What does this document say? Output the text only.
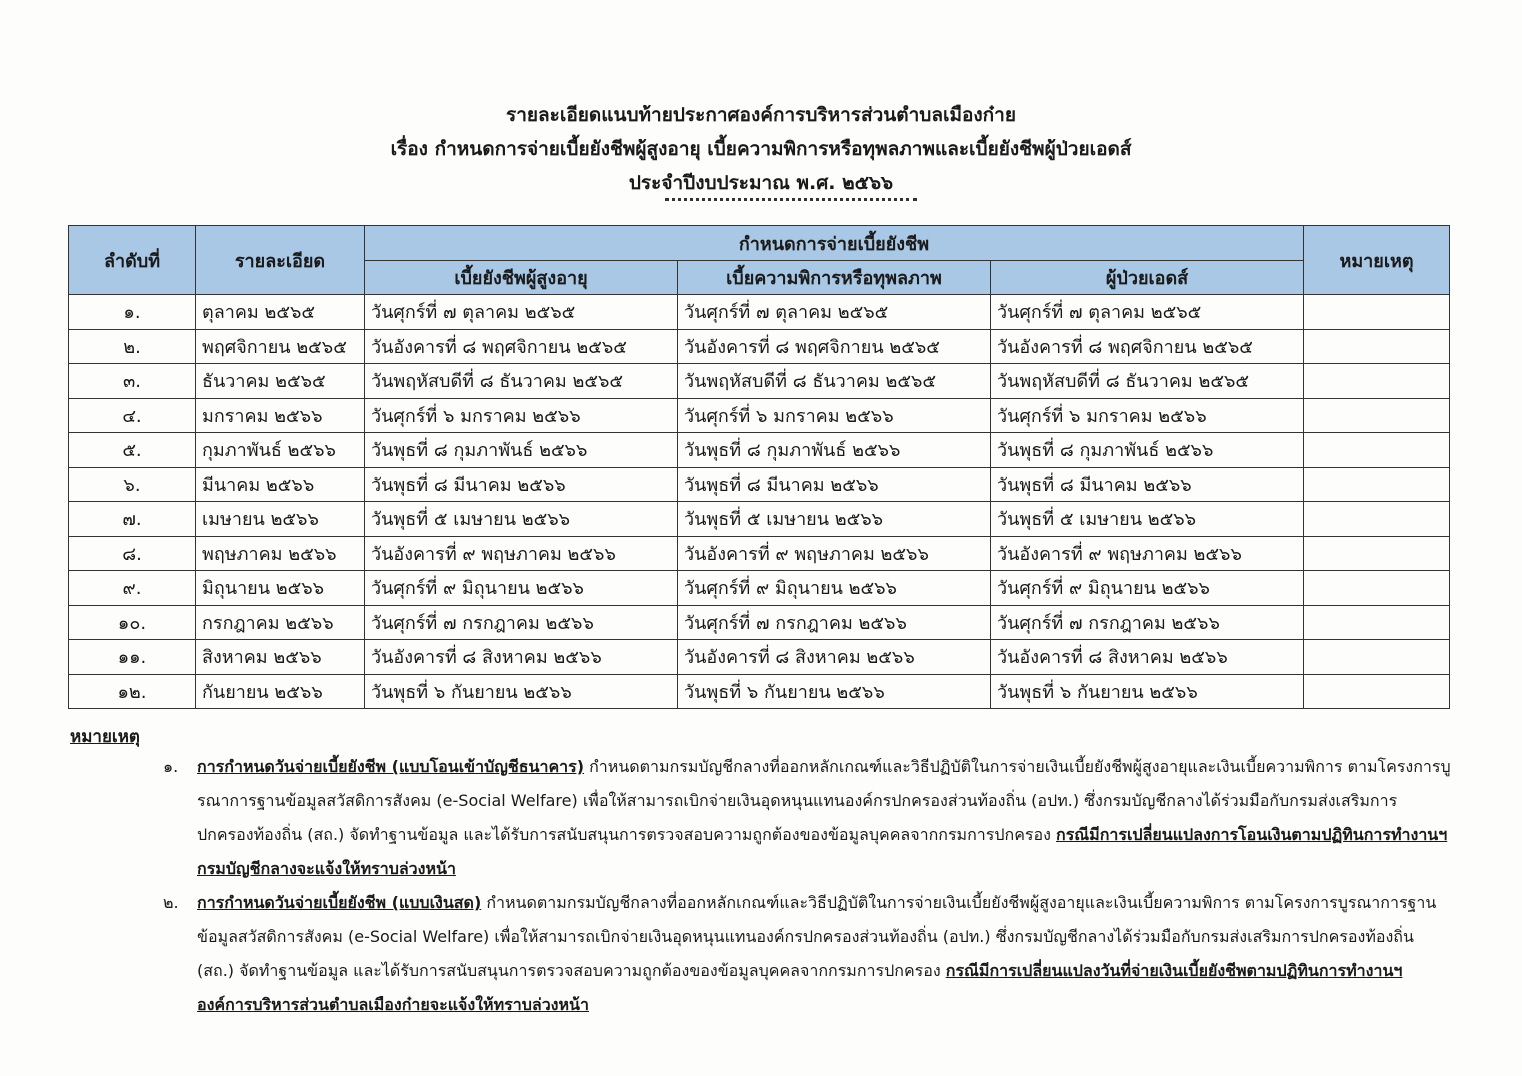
รายละเอียดแนบท้ายประกาศองค์การบริหารส่วนตำบลเมืองก๋าย
เรื่อง กำหนดการจ่ายเบี้ยยังชีพผู้สูงอายุ เบี้ยความพิการหรือทุพลภาพและเบี้ยยังชีพผู้ป่วยเอดส์
ประจำปีงบประมาณ พ.ศ. ๒๕๖๖
ลำดับที่	รายละเอียด	กำหนดการจ่ายเบี้ยยังชีพ			หมายเหตุ
		เบี้ยยังชีพผู้สูงอายุ	เบี้ยความพิการหรือทุพลภาพ	ผู้ป่วยเอดส์	
๑.	ตุลาคม ๒๕๖๕	วันศุกร์ที่ ๗ ตุลาคม ๒๕๖๕	วันศุกร์ที่ ๗ ตุลาคม ๒๕๖๕	วันศุกร์ที่ ๗ ตุลาคม ๒๕๖๕	
๒.	พฤศจิกายน ๒๕๖๕	วันอังคารที่ ๘ พฤศจิกายน ๒๕๖๕	วันอังคารที่ ๘ พฤศจิกายน ๒๕๖๕	วันอังคารที่ ๘ พฤศจิกายน ๒๕๖๕	
๓.	ธันวาคม ๒๕๖๕	วันพฤหัสบดีที่ ๘ ธันวาคม ๒๕๖๕	วันพฤหัสบดีที่ ๘ ธันวาคม ๒๕๖๕	วันพฤหัสบดีที่ ๘ ธันวาคม ๒๕๖๕	
๔.	มกราคม ๒๕๖๖	วันศุกร์ที่ ๖ มกราคม ๒๕๖๖	วันศุกร์ที่ ๖ มกราคม ๒๕๖๖	วันศุกร์ที่ ๖ มกราคม ๒๕๖๖	
๕.	กุมภาพันธ์ ๒๕๖๖	วันพุธที่ ๘ กุมภาพันธ์ ๒๕๖๖	วันพุธที่ ๘ กุมภาพันธ์ ๒๕๖๖	วันพุธที่ ๘ กุมภาพันธ์ ๒๕๖๖	
๖.	มีนาคม ๒๕๖๖	วันพุธที่ ๘ มีนาคม ๒๕๖๖	วันพุธที่ ๘ มีนาคม ๒๕๖๖	วันพุธที่ ๘ มีนาคม ๒๕๖๖	
๗.	เมษายน ๒๕๖๖	วันพุธที่ ๕ เมษายน ๒๕๖๖	วันพุธที่ ๕ เมษายน ๒๕๖๖	วันพุธที่ ๕ เมษายน ๒๕๖๖	
๘.	พฤษภาคม ๒๕๖๖	วันอังคารที่ ๙ พฤษภาคม ๒๕๖๖	วันอังคารที่ ๙ พฤษภาคม ๒๕๖๖	วันอังคารที่ ๙ พฤษภาคม ๒๕๖๖	
๙.	มิถุนายน ๒๕๖๖	วันศุกร์ที่ ๙ มิถุนายน ๒๕๖๖	วันศุกร์ที่ ๙ มิถุนายน ๒๕๖๖	วันศุกร์ที่ ๙ มิถุนายน ๒๕๖๖	
๑๐.	กรกฎาคม ๒๕๖๖	วันศุกร์ที่ ๗ กรกฎาคม ๒๕๖๖	วันศุกร์ที่ ๗ กรกฎาคม ๒๕๖๖	วันศุกร์ที่ ๗ กรกฎาคม ๒๕๖๖	
๑๑.	สิงหาคม ๒๕๖๖	วันอังคารที่ ๘ สิงหาคม ๒๕๖๖	วันอังคารที่ ๘ สิงหาคม ๒๕๖๖	วันอังคารที่ ๘ สิงหาคม ๒๕๖๖	
๑๒.	กันยายน ๒๕๖๖	วันพุธที่ ๖ กันยายน ๒๕๖๖	วันพุธที่ ๖ กันยายน ๒๕๖๖	วันพุธที่ ๖ กันยายน ๒๕๖๖	
หมายเหตุ
๑.	การกำหนดวันจ่ายเบี้ยยังชีพ (แบบโอนเข้าบัญชีธนาคาร) กำหนดตามกรมบัญชีกลางที่ออกหลักเกณฑ์และวิธีปฏิบัติในการจ่ายเงินเบี้ยยังชีพผู้สูงอายุและเงินเบี้ยความพิการ ตามโครงการบูรณาการฐานข้อมูลสวัสดิการสังคม (e-Social Welfare) เพื่อให้สามารถเบิกจ่ายเงินอุดหนุนแทนองค์กรปกครองส่วนท้องถิ่น (อปท.) ซึ่งกรมบัญชีกลางได้ร่วมมือกับกรมส่งเสริมการปกครองท้องถิ่น (สถ.) จัดทำฐานข้อมูล และได้รับการสนับสนุนการตรวจสอบความถูกต้องของข้อมูลบุคคลจากกรมการปกครอง กรณีมีการเปลี่ยนแปลงการโอนเงินตามปฏิทินการทำงานฯ กรมบัญชีกลางจะแจ้งให้ทราบล่วงหน้า
๒.	การกำหนดวันจ่ายเบี้ยยังชีพ (แบบเงินสด) กำหนดตามกรมบัญชีกลางที่ออกหลักเกณฑ์และวิธีปฏิบัติในการจ่ายเงินเบี้ยยังชีพผู้สูงอายุและเงินเบี้ยความพิการ ตามโครงการบูรณาการฐานข้อมูลสวัสดิการสังคม (e-Social Welfare) เพื่อให้สามารถเบิกจ่ายเงินอุดหนุนแทนองค์กรปกครองส่วนท้องถิ่น (อปท.) ซึ่งกรมบัญชีกลางได้ร่วมมือกับกรมส่งเสริมการปกครองท้องถิ่น (สถ.) จัดทำฐานข้อมูล และได้รับการสนับสนุนการตรวจสอบความถูกต้องของข้อมูลบุคคลจากกรมการปกครอง กรณีมีการเปลี่ยนแปลงวันที่จ่ายเงินเบี้ยยังชีพตามปฏิทินการทำงานฯ องค์การบริหารส่วนตำบลเมืองก๋ายจะแจ้งให้ทราบล่วงหน้า
